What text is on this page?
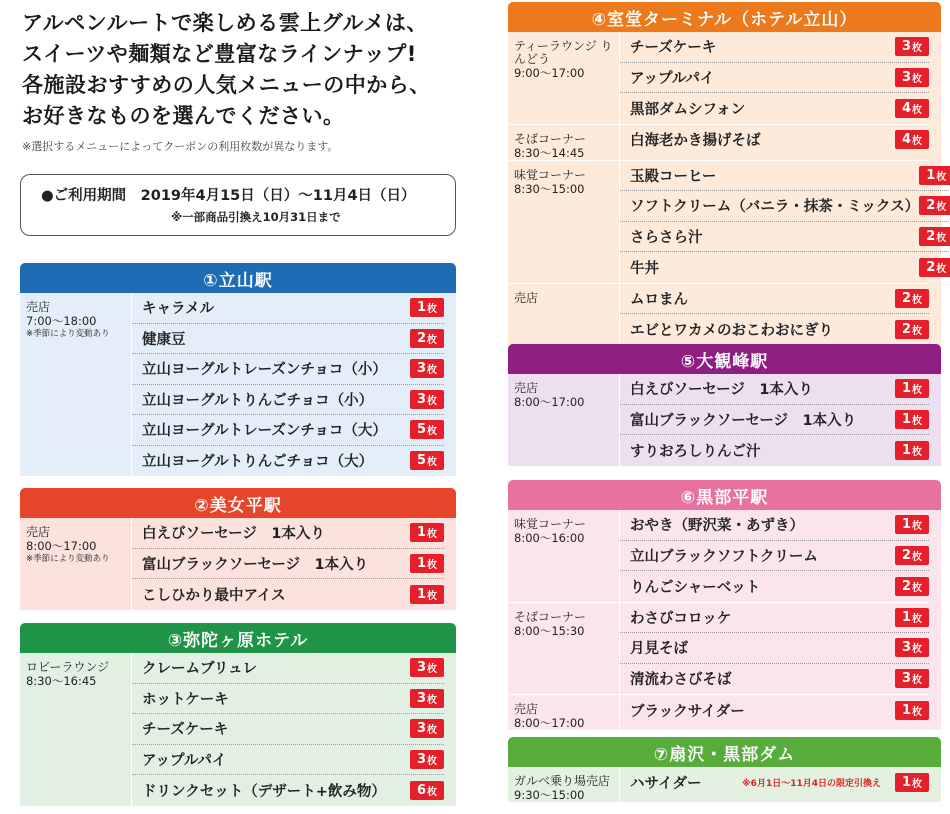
アルペンルートで楽しめる雲上グルメは、
スイーツや麺類など豊富なラインナップ!
各施設おすすめの人気メニューの中から、
お好きなものを選んでください。
※選択するメニューによってクーポンの利用枚数が異なります。
●ご利用期間　2019年4月15日（日）～11月4日（日）
※一部商品引換え10月31日まで
①立山駅
売店
7:00～18:00
※季節により変動あり
キャラメル	1 枚
健康豆	2 枚
立山ヨーグルトレーズンチョコ（小）	3 枚
立山ヨーグルトりんごチョコ（小）	3 枚
立山ヨーグルトレーズンチョコ（大）	5 枚
立山ヨーグルトりんごチョコ（大）	5 枚
②美女平駅
売店
8:00～17:00
※季節により変動あり
白えびソーセージ　1本入り	1 枚
富山ブラックソーセージ　1本入り	1 枚
こしひかり最中アイス	1 枚
③弥陀ヶ原ホテル
ロビーラウンジ
8:30～16:45
クレームブリュレ	3 枚
ホットケーキ	3 枚
チーズケーキ	3 枚
アップルパイ	3 枚
ドリンクセット（デザート+飲み物）	6 枚
④室堂ターミナル（ホテル立山）
ティーラウンジ りんどう
9:00～17:00
チーズケーキ	3 枚
アップルパイ	3 枚
黒部ダムシフォン	4 枚
そばコーナー
8:30～14:45
白海老かき揚げそば	4 枚
味覚コーナー
8:30～15:00
玉殿コーヒー	1 枚
ソフトクリーム（バニラ・抹茶・ミックス） 2 枚
さらさら汁	2 枚
牛丼	2 枚
売店	ムロまん	2 枚
エビとワカメのおこわおにぎり	2 枚
⑤大観峰駅
売店
8:00～17:00
白えびソーセージ　1本入り	1 枚
富山ブラックソーセージ　1本入り	1 枚
すりおろしりんご汁	1 枚
⑥黒部平駅
味覚コーナー
8:00～16:00
おやき（野沢菜・あずき）	1 枚
立山ブラックソフトクリーム	2 枚
りんごシャーベット	2 枚
そばコーナー
8:00～15:30
わさびコロッケ	1 枚
月見そば	3 枚
清流わさびそば	3 枚
売店
8:00～17:00
ブラックサイダー	1 枚
⑦扇沢・黒部ダム
ガルベ乗り場売店
9:30～15:00
ハサイダー	※6月1日～11月4日の限定引換え 1 枚
